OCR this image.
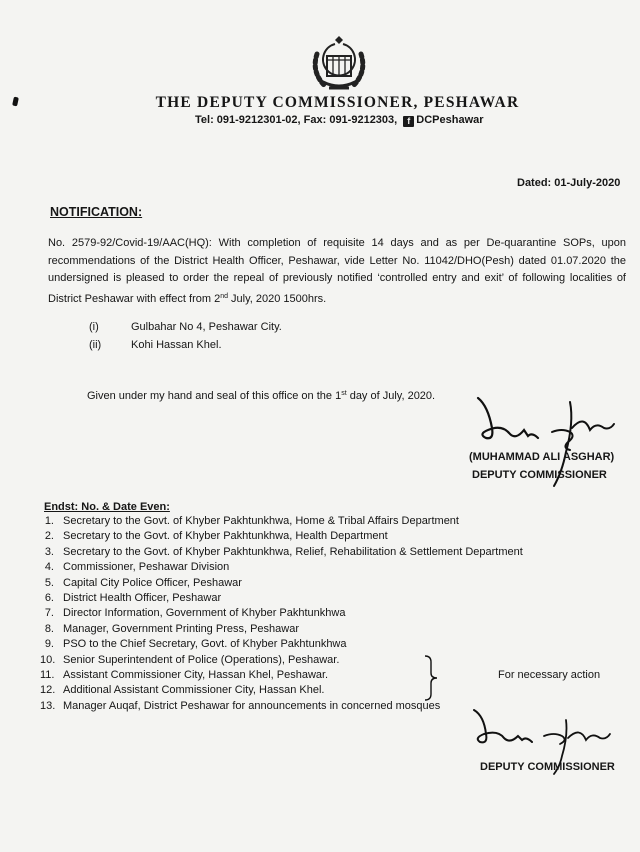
THE DEPUTY COMMISSIONER, PESHAWAR
Tel: 091-9212301-02, Fax: 091-9212303, f DCPeshawar
Dated: 01-July-2020
NOTIFICATION:
No. 2579-92/Covid-19/AAC(HQ): With completion of requisite 14 days and as per De-quarantine SOPs, upon
recommendations of the District Health Officer, Peshawar, vide Letter No. 11042/DHO(Pesh) dated 01.07.2020 the
undersigned is pleased to order the repeal of previously notified ‘controlled entry and exit’ of following localities of
District Peshawar with effect from 2nd July, 2020 1500hrs.
(i)	Gulbahar No 4, Peshawar City.
(ii)	Kohi Hassan Khel.
Given under my hand and seal of this office on the 1st day of July, 2020.
(MUHAMMAD ALI ASGHAR)
DEPUTY COMMISSIONER
Endst: No. & Date Even:
1. Secretary to the Govt. of Khyber Pakhtunkhwa, Home & Tribal Affairs Department
2. Secretary to the Govt. of Khyber Pakhtunkhwa, Health Department
3. Secretary to the Govt. of Khyber Pakhtunkhwa, Relief, Rehabilitation & Settlement Department
4. Commissioner, Peshawar Division
5. Capital City Police Officer, Peshawar
6. District Health Officer, Peshawar
7. Director Information, Government of Khyber Pakhtunkhwa
8. Manager, Government Printing Press, Peshawar
9. PSO to the Chief Secretary, Govt. of Khyber Pakhtunkhwa
10. Senior Superintendent of Police (Operations), Peshawar.
11. Assistant Commissioner City, Hassan Khel, Peshawar.
12. Additional Assistant Commissioner City, Hassan Khel.
13. Manager Auqaf, District Peshawar for announcements in concerned mosques
For necessary action
DEPUTY COMMISSIONER
